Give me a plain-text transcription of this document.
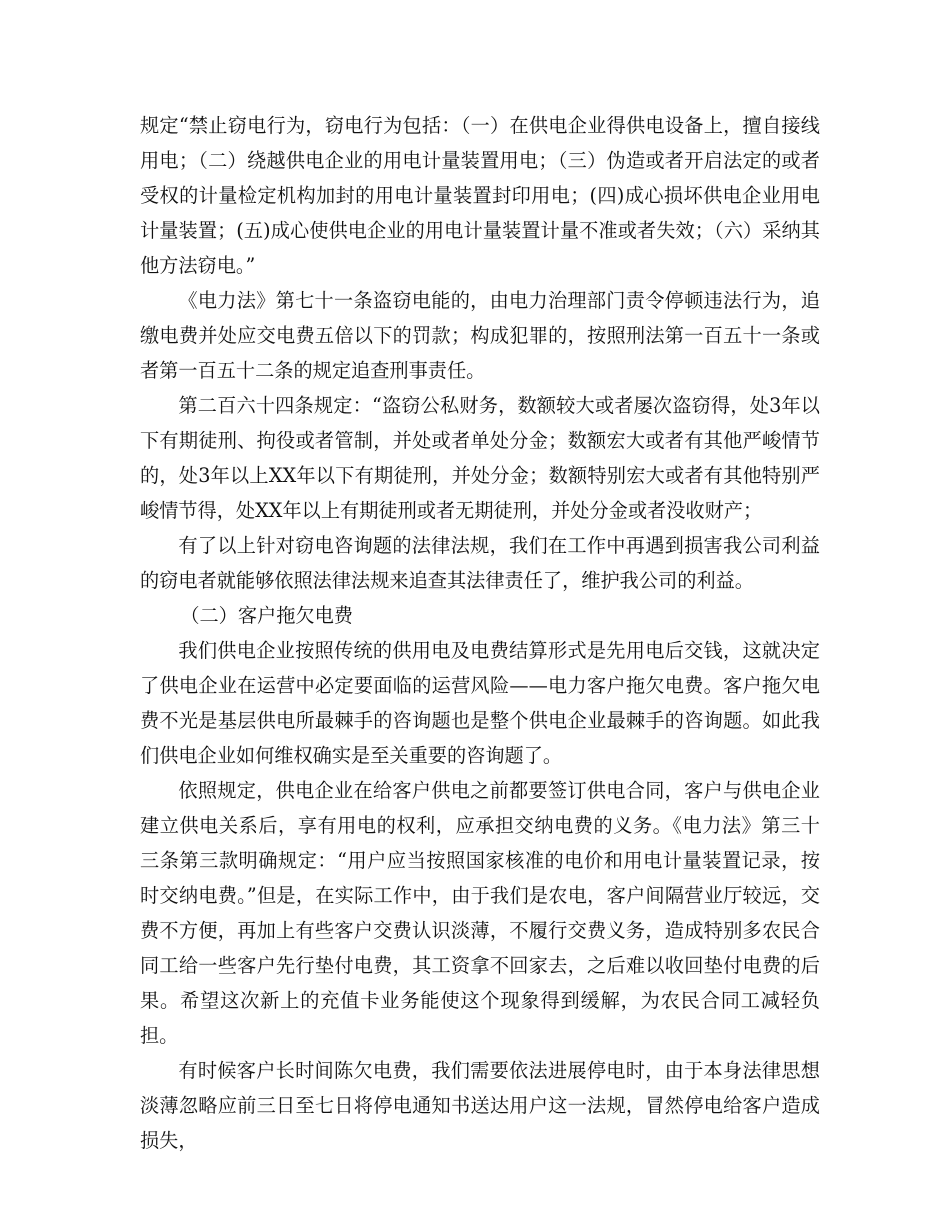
规定“禁止窃电行为，窃电行为包括：（一）在供电企业得供电设备上，擅自接线用电；（二）绕越供电企业的用电计量装置用电；（三）伪造或者开启法定的或者受权的计量检定机构加封的用电计量装置封印用电；(四)成心损坏供电企业用电计量装置；(五)成心使供电企业的用电计量装置计量不准或者失效；（六）采纳其他方法窃电。”

《电力法》第七十一条盗窃电能的，由电力治理部门责令停顿违法行为，追缴电费并处应交电费五倍以下的罚款；构成犯罪的，按照刑法第一百五十一条或者第一百五十二条的规定追查刑事责任。

第二百六十四条规定：“盗窃公私财务，数额较大或者屡次盗窃得，处3年以下有期徒刑、拘役或者管制，并处或者单处分金；数额宏大或者有其他严峻情节的，处3年以上XX年以下有期徒刑，并处分金；数额特别宏大或者有其他特别严峻情节得，处XX年以上有期徒刑或者无期徒刑，并处分金或者没收财产；

有了以上针对窃电咨询题的法律法规，我们在工作中再遇到损害我公司利益的窃电者就能够依照法律法规来追查其法律责任了，维护我公司的利益。

（二）客户拖欠电费

我们供电企业按照传统的供用电及电费结算形式是先用电后交钱，这就决定了供电企业在运营中必定要面临的运营风险——电力客户拖欠电费。客户拖欠电费不光是基层供电所最棘手的咨询题也是整个供电企业最棘手的咨询题。如此我们供电企业如何维权确实是至关重要的咨询题了。

依照规定，供电企业在给客户供电之前都要签订供电合同，客户与供电企业建立供电关系后，享有用电的权利，应承担交纳电费的义务。《电力法》第三十三条第三款明确规定：“用户应当按照国家核准的电价和用电计量装置记录，按时交纳电费。”但是，在实际工作中，由于我们是农电，客户间隔营业厅较远，交费不方便，再加上有些客户交费认识淡薄，不履行交费义务，造成特别多农民合同工给一些客户先行垫付电费，其工资拿不回家去，之后难以收回垫付电费的后果。希望这次新上的充值卡业务能使这个现象得到缓解，为农民合同工减轻负担。

有时候客户长时间陈欠电费，我们需要依法进展停电时，由于本身法律思想淡薄忽略应前三日至七日将停电通知书送达用户这一法规，冒然停电给客户造成损失，
